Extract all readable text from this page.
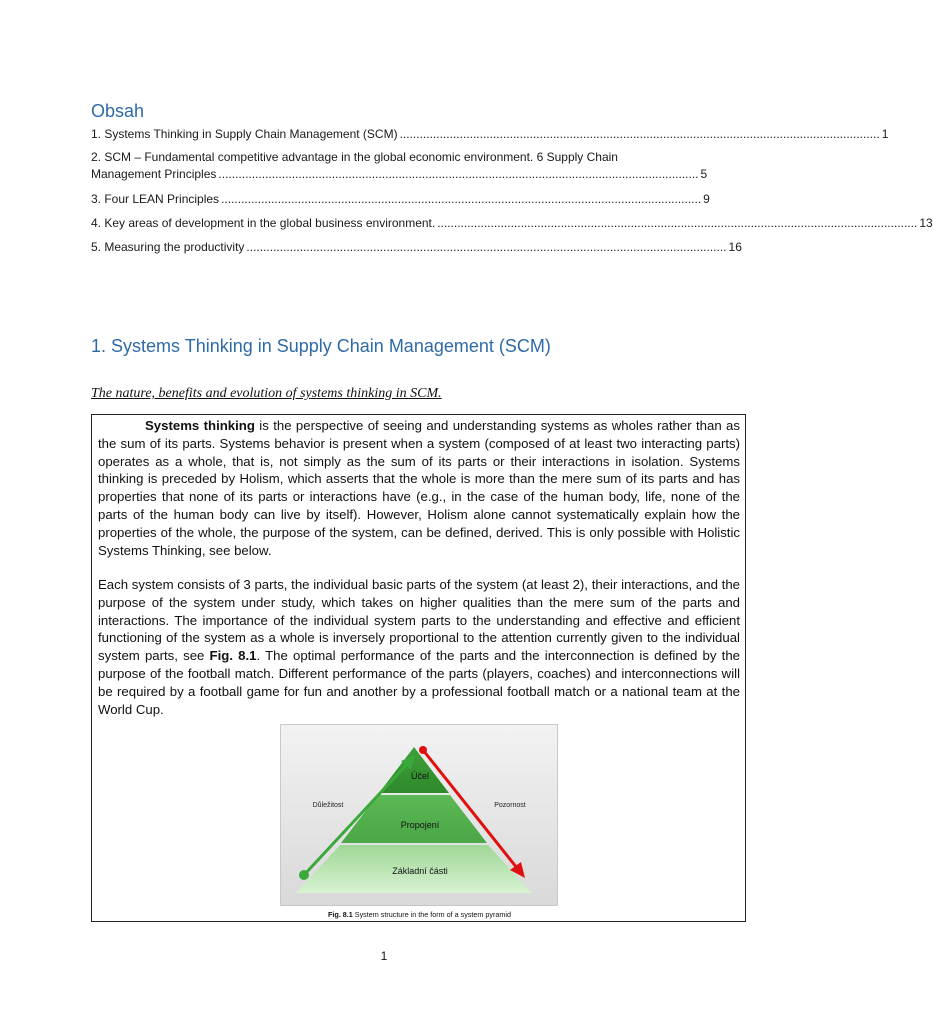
Obsah
1. Systems Thinking in Supply Chain Management (SCM) ................................................................................................................................................ 1
2. SCM – Fundamental competitive advantage in the global economic environment. 6 Supply Chain
Management Principles ................................................................................................................................................ 5
3. Four LEAN Principles ................................................................................................................................................ 9
4. Key areas of development in the global business environment. ................................................................................................................................................ 13
5. Measuring the productivity ................................................................................................................................................ 16
1. Systems Thinking in Supply Chain Management (SCM)

The nature, benefits and evolution of systems thinking in SCM.

Systems thinking is the perspective of seeing and understanding systems as wholes rather than as the sum of its parts. Systems behavior is present when a system (composed of at least two interacting parts) operates as a whole, that is, not simply as the sum of its parts or their interactions in isolation. Systems thinking is preceded by Holism, which asserts that the whole is more than the mere sum of its parts and has properties that none of its parts or interactions have (e.g., in the case of the human body, life, none of the parts of the human body can live by itself). However, Holism alone cannot systematically explain how the properties of the whole, the purpose of the system, can be defined, derived. This is only possible with Holistic Systems Thinking, see below.

Each system consists of 3 parts, the individual basic parts of the system (at least 2), their interactions, and the purpose of the system under study, which takes on higher qualities than the mere sum of the parts and interactions. The importance of the individual system parts to the understanding and effective and efficient functioning of the system as a whole is inversely proportional to the attention currently given to the individual system parts, see Fig. 8.1. The optimal performance of the parts and the interconnection is defined by the purpose of the football match. Different performance of the parts (players, coaches) and interconnections will be required by a football game for fun and another by a professional football match or a national team at the World Cup.

Účel
Propojení
Základní části
Důležitost	Pozornost
Fig. 8.1 System structure in the form of a system pyramid
1
